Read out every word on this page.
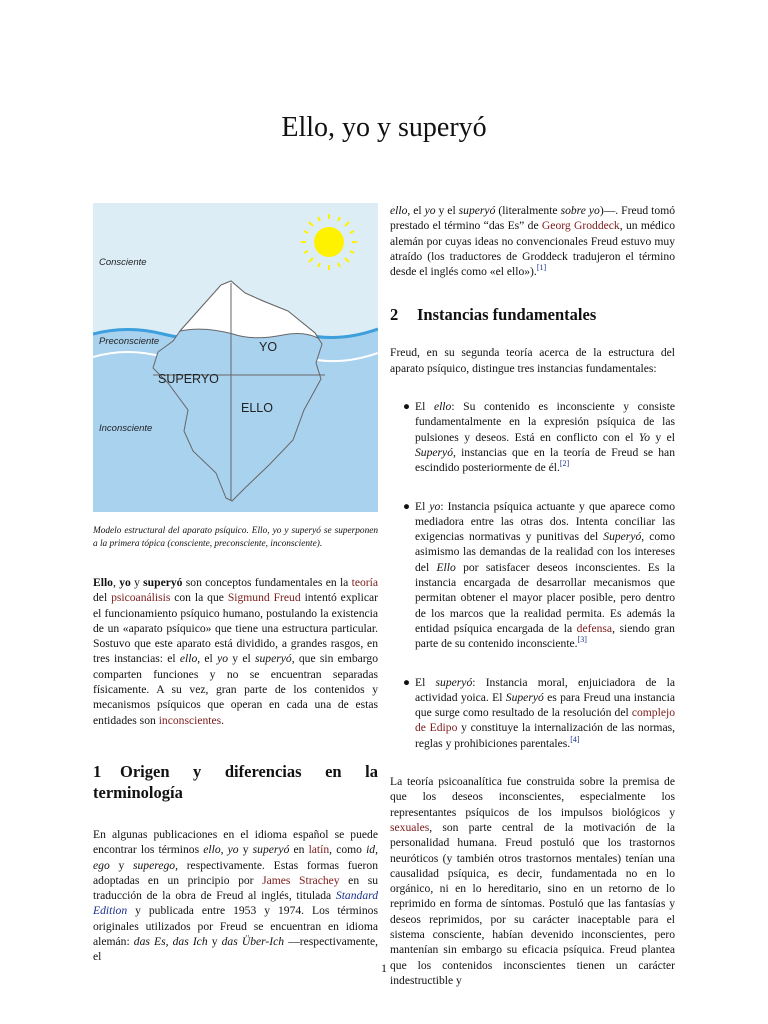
Ello, yo y superyó
Consciente
Preconsciente
Inconsciente
YO
SUPERYO
ELLO

Modelo estructural del aparato psíquico. Ello, yo y superyó se superponen a la primera tópica (consciente, preconsciente, inconsciente).

Ello, yo y superyó son conceptos fundamentales en la teoría del psicoanálisis con la que Sigmund Freud intentó explicar el funcionamiento psíquico humano, postulando la existencia de un «aparato psíquico» que tiene una estructura particular. Sostuvo que este aparato está dividido, a grandes rasgos, en tres instancias: el ello, el yo y el superyó, que sin embargo comparten funciones y no se encuentran separadas físicamente. A su vez, gran parte de los contenidos y mecanismos psíquicos que operan en cada una de estas entidades son inconscientes.

1 Origen y diferencias en la terminología

En algunas publicaciones en el idioma español se puede encontrar los términos ello, yo y superyó en latín, como id, ego y superego, respectivamente. Estas formas fueron adoptadas en un principio por James Strachey en su traducción de la obra de Freud al inglés, titulada Standard Edition y publicada entre 1953 y 1974. Los términos originales utilizados por Freud se encuentran en idioma alemán: das Es, das Ich y das Über-Ich —respectivamente, el

ello, el yo y el superyó (literalmente sobre yo)—. Freud tomó prestado el término “das Es” de Georg Groddeck, un médico alemán por cuyas ideas no convencionales Freud estuvo muy atraído (los traductores de Groddeck tradujeron el término desde el inglés como «el ello»).[1]

2 Instancias fundamentales

Freud, en su segunda teoría acerca de la estructura del aparato psíquico, distingue tres instancias fundamentales:

● El ello: Su contenido es inconsciente y consiste fundamentalmente en la expresión psíquica de las pulsiones y deseos. Está en conflicto con el Yo y el Superyó, instancias que en la teoría de Freud se han escindido posteriormente de él.[2]
● El yo: Instancia psíquica actuante y que aparece como mediadora entre las otras dos. Intenta conciliar las exigencias normativas y punitivas del Superyó, como asimismo las demandas de la realidad con los intereses del Ello por satisfacer deseos inconscientes. Es la instancia encargada de desarrollar mecanismos que permitan obtener el mayor placer posible, pero dentro de los marcos que la realidad permita. Es además la entidad psíquica encargada de la defensa, siendo gran parte de su contenido inconsciente.[3]
● El superyó: Instancia moral, enjuiciadora de la actividad yoica. El Superyó es para Freud una instancia que surge como resultado de la resolución del complejo de Edipo y constituye la internalización de las normas, reglas y prohibiciones parentales.[4]

La teoría psicoanalítica fue construida sobre la premisa de que los deseos inconscientes, especialmente los representantes psíquicos de los impulsos biológicos y sexuales, son parte central de la motivación de la personalidad humana. Freud postuló que los trastornos neuróticos (y también otros trastornos mentales) tenían una causalidad psíquica, es decir, fundamentada no en lo orgánico, ni en lo hereditario, sino en un retorno de lo reprimido en forma de síntomas. Postuló que las fantasías y deseos reprimidos, por su carácter inaceptable para el sistema consciente, habían devenido inconscientes, pero mantenían sin embargo su eficacia psíquica. Freud plantea que los contenidos inconscientes tienen un carácter indestructible y

1
